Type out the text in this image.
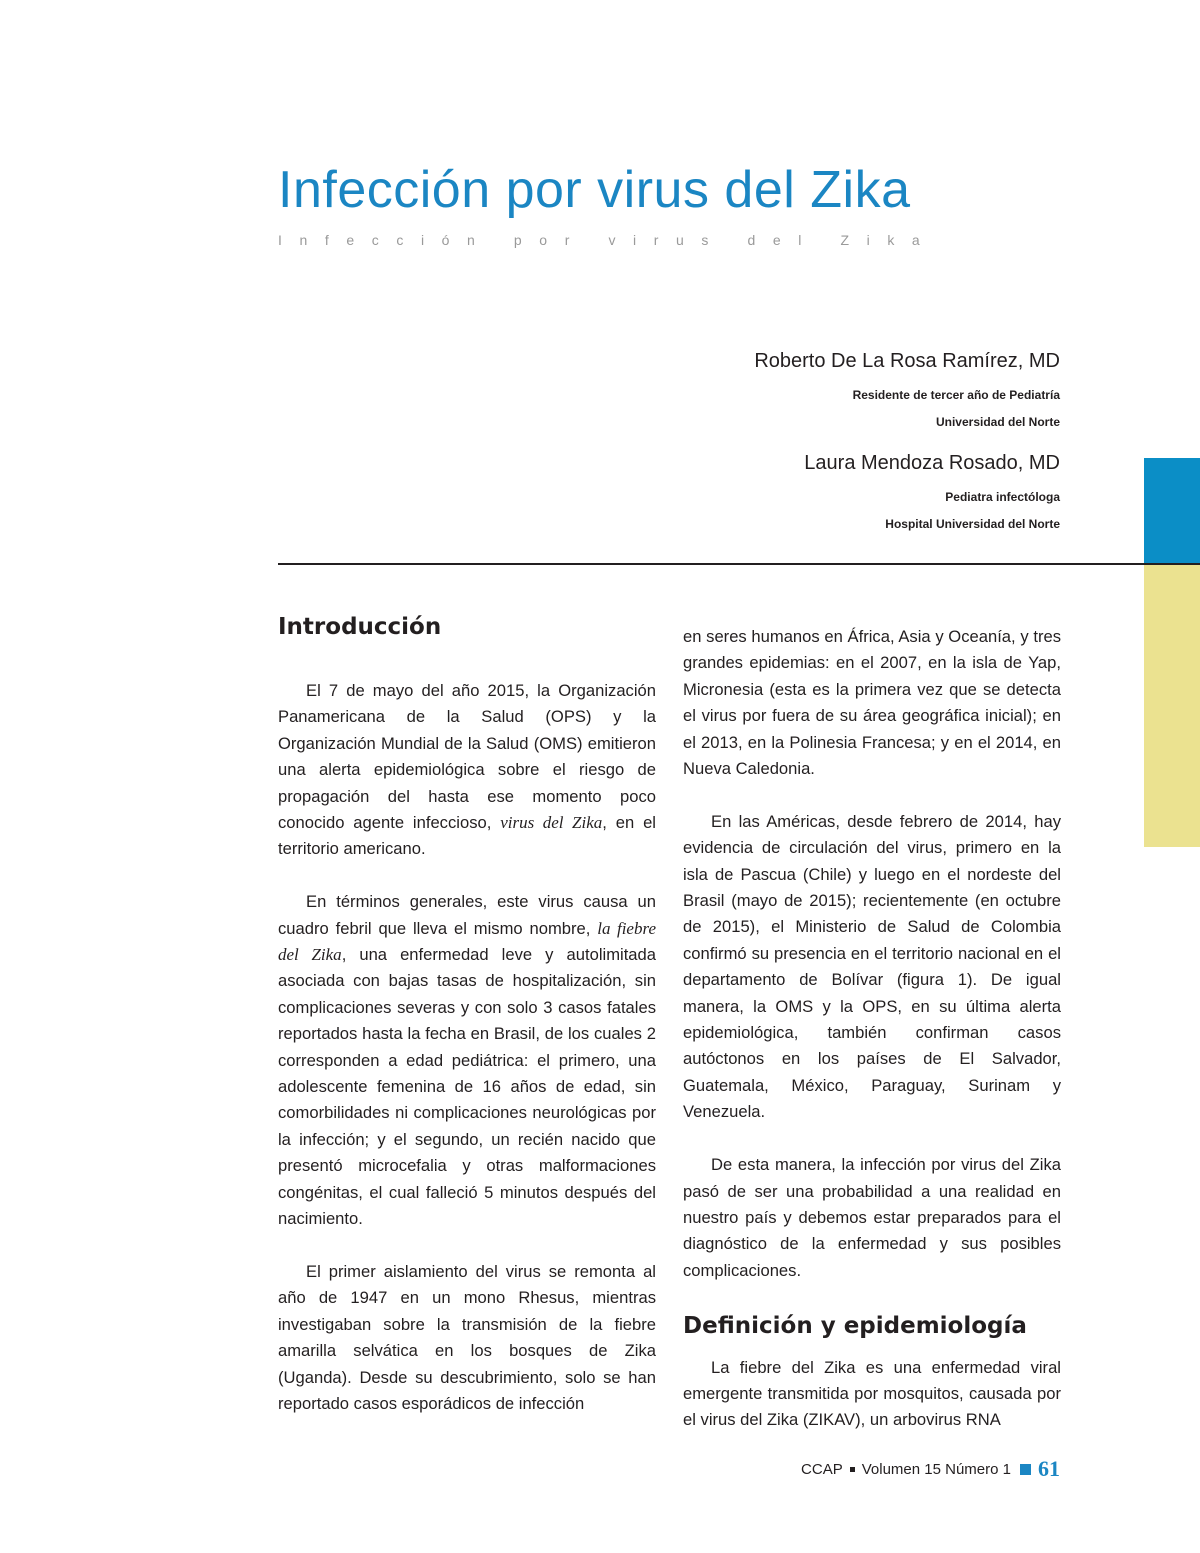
Infección por virus del Zika
Infección por virus del Zika

Roberto De La Rosa Ramírez, MD

Residente de tercer año de Pediatría
Universidad del Norte

Laura Mendoza Rosado, MD

Pediatra infectóloga
Hospital Universidad del Norte
Introducción

El 7 de mayo del año 2015, la Organización Panamericana de la Salud (OPS) y la Organización Mundial de la Salud (OMS) emitieron una alerta epidemiológica sobre el riesgo de propagación del hasta ese momento poco conocido agente infeccioso, virus del Zika, en el territorio americano.

En términos generales, este virus causa un cuadro febril que lleva el mismo nombre, la fiebre del Zika, una enfermedad leve y autolimitada asociada con bajas tasas de hospitalización, sin complicaciones severas y con solo 3 casos fatales reportados hasta la fecha en Brasil, de los cuales 2 corresponden a edad pediátrica: el primero, una adolescente femenina de 16 años de edad, sin comorbilidades ni complicaciones neurológicas por la infección; y el segundo, un recién nacido que presentó microcefalia y otras malformaciones congénitas, el cual falleció 5 minutos después del nacimiento.

El primer aislamiento del virus se remonta al año de 1947 en un mono Rhesus, mientras investigaban sobre la transmisión de la fiebre amarilla selvática en los bosques de Zika (Uganda). Desde su descubrimiento, solo se han reportado casos esporádicos de infección

en seres humanos en África, Asia y Oceanía, y tres grandes epidemias: en el 2007, en la isla de Yap, Micronesia (esta es la primera vez que se detecta el virus por fuera de su área geográfica inicial); en el 2013, en la Polinesia Francesa; y en el 2014, en Nueva Caledonia.

En las Américas, desde febrero de 2014, hay evidencia de circulación del virus, primero en la isla de Pascua (Chile) y luego en el nordeste del Brasil (mayo de 2015); recientemente (en octubre de 2015), el Ministerio de Salud de Colombia confirmó su presencia en el territorio nacional en el departamento de Bolívar (figura 1). De igual manera, la OMS y la OPS, en su última alerta epidemiológica, también confirman casos autóctonos en los países de El Salvador, Guatemala, México, Paraguay, Surinam y Venezuela.

De esta manera, la infección por virus del Zika pasó de ser una probabilidad a una realidad en nuestro país y debemos estar preparados para el diagnóstico de la enfermedad y sus posibles complicaciones.

Definición y epidemiología

La fiebre del Zika es una enfermedad viral emergente transmitida por mosquitos, causada por el virus del Zika (ZIKAV), un arbovirus RNA

CCAP Volumen 15 Número 1 61
